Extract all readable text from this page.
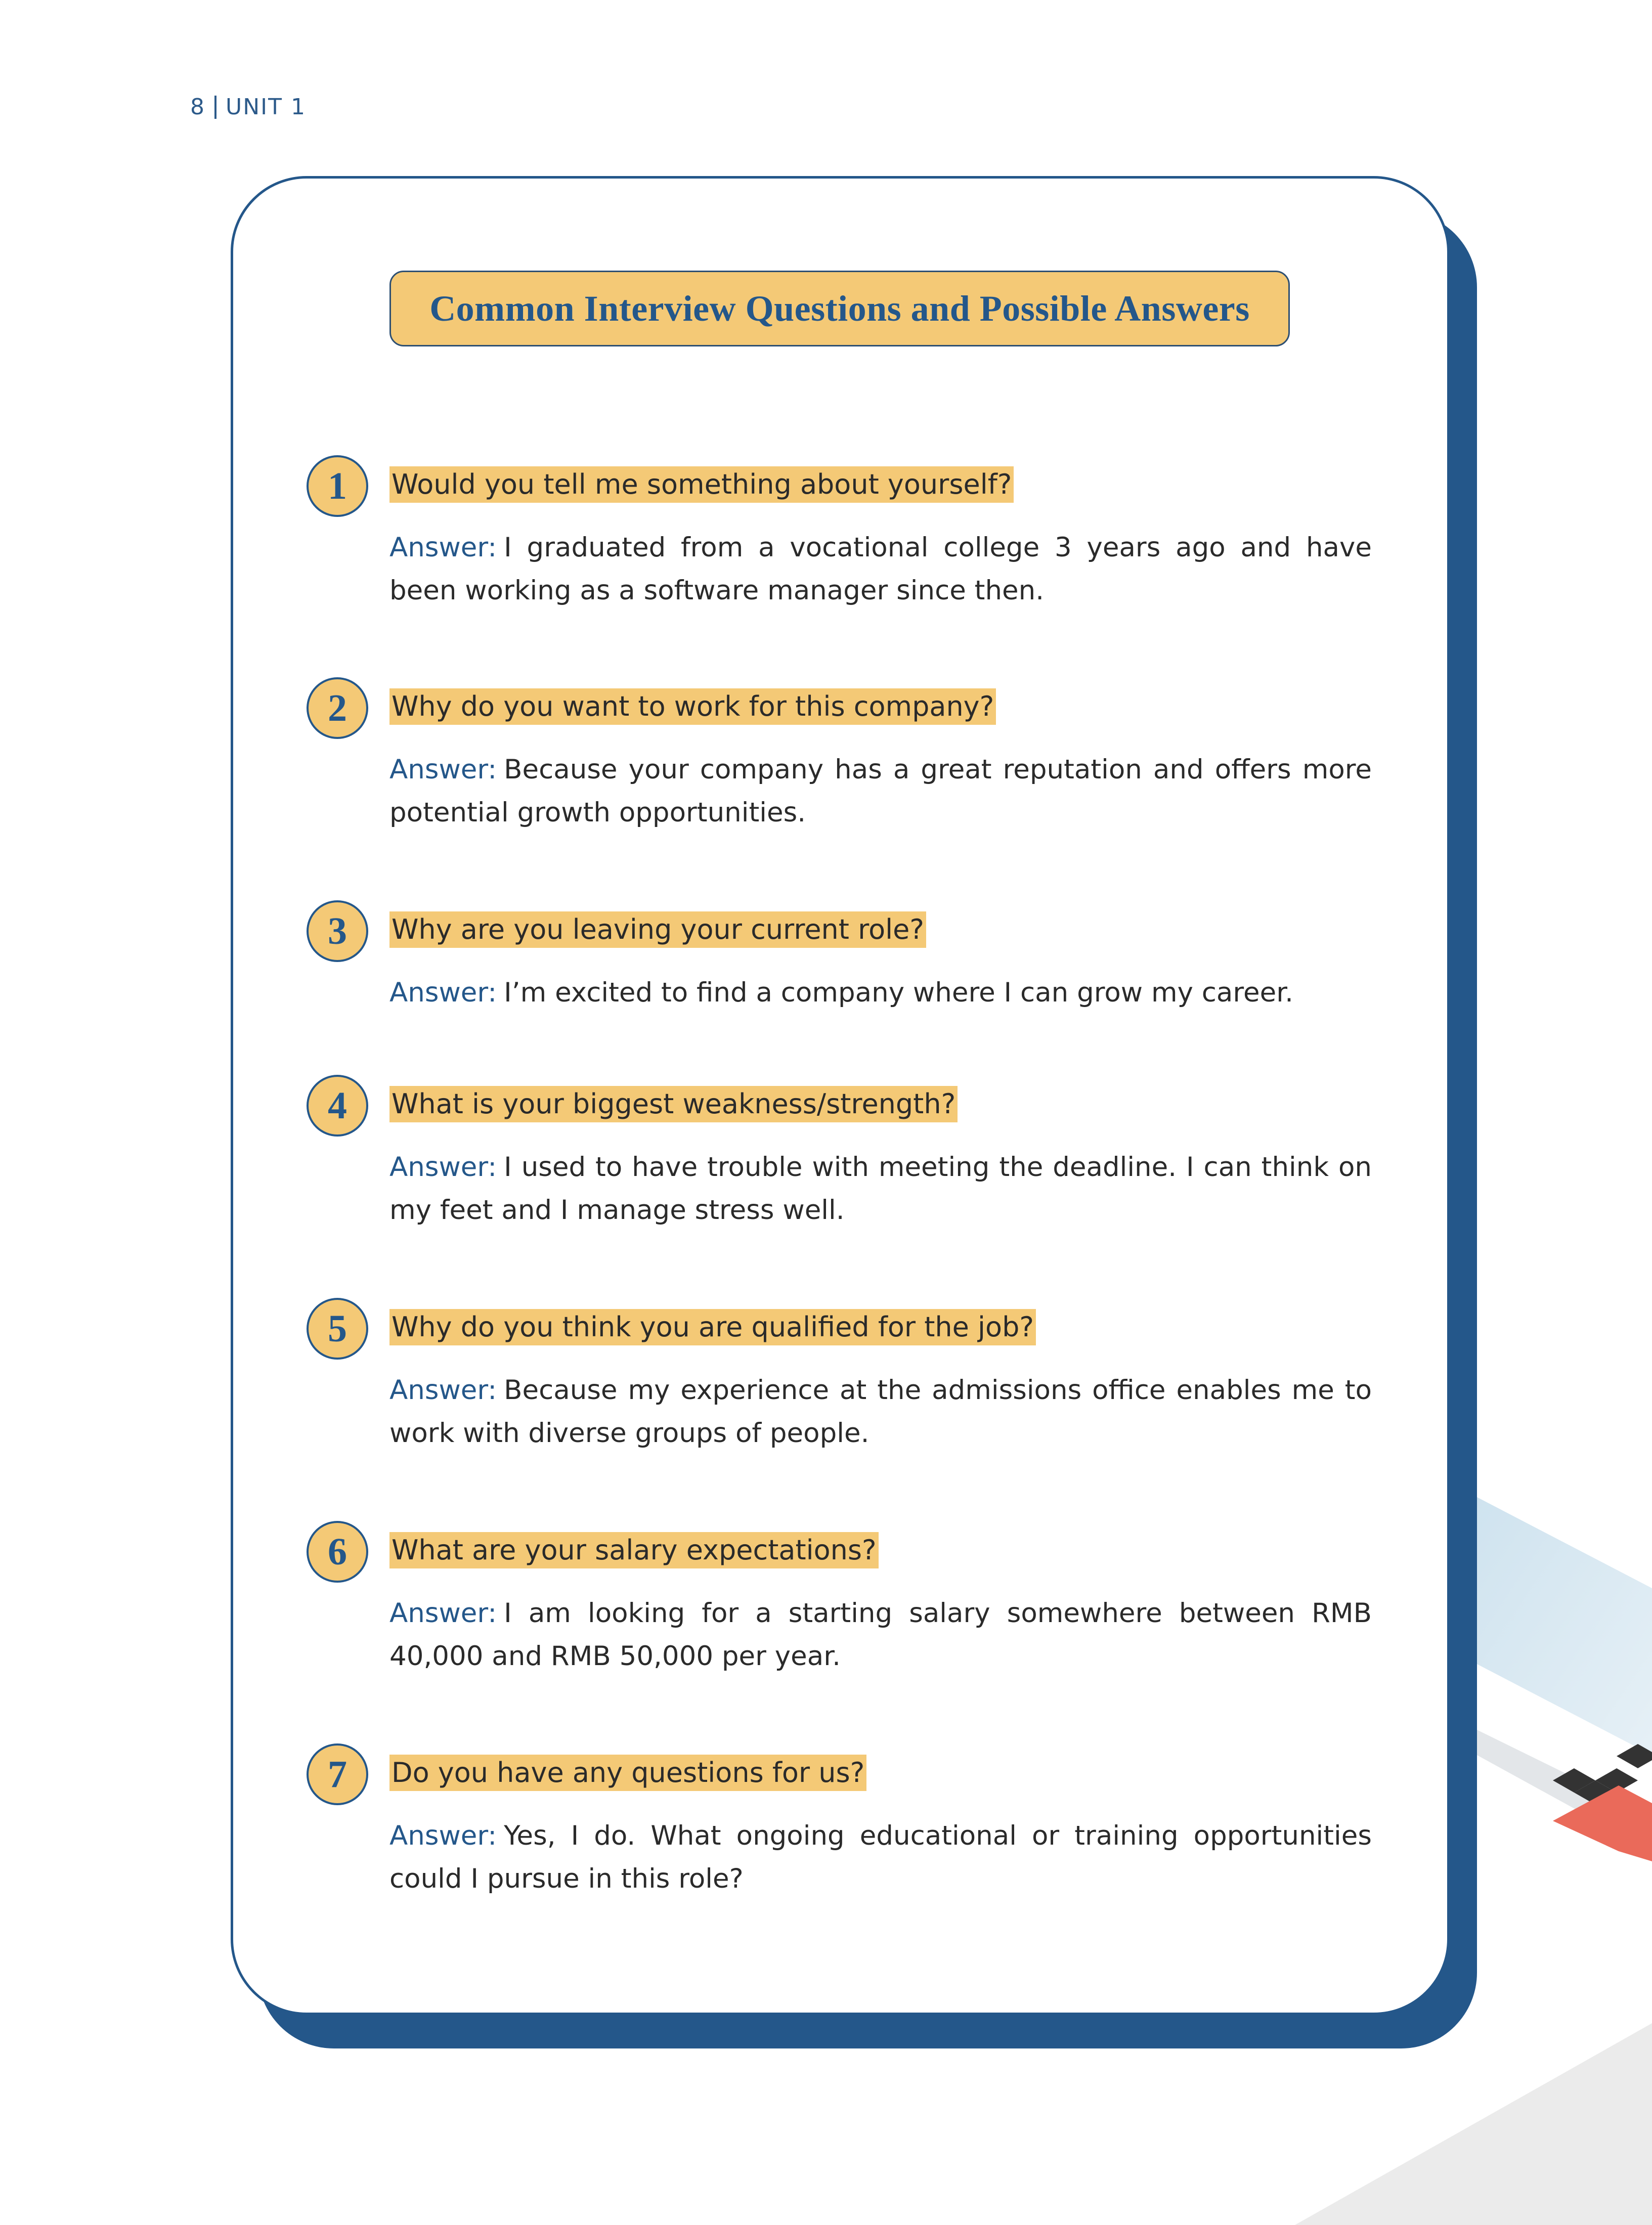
8 UNIT 1
Common Interview Questions and Possible Answers
1	Would you tell me something about yourself?
Answer: I graduated from a vocational college 3 years ago and have been working as a software manager since then.
2	Why do you want to work for this company?
Answer: Because your company has a great reputation and offers more potential growth opportunities.
3	Why are you leaving your current role?
Answer: I’m excited to find a company where I can grow my career.
4	What is your biggest weakness/strength?
Answer: I used to have trouble with meeting the deadline. I can think on my feet and I manage stress well.
5	Why do you think you are qualified for the job?
Answer: Because my experience at the admissions office enables me to work with diverse groups of people.
6	What are your salary expectations?
Answer: I am looking for a starting salary somewhere between RMB 40,000 and RMB 50,000 per year.
7	Do you have any questions for us?
Answer: Yes, I do. What ongoing educational or training opportunities could I pursue in this role?
